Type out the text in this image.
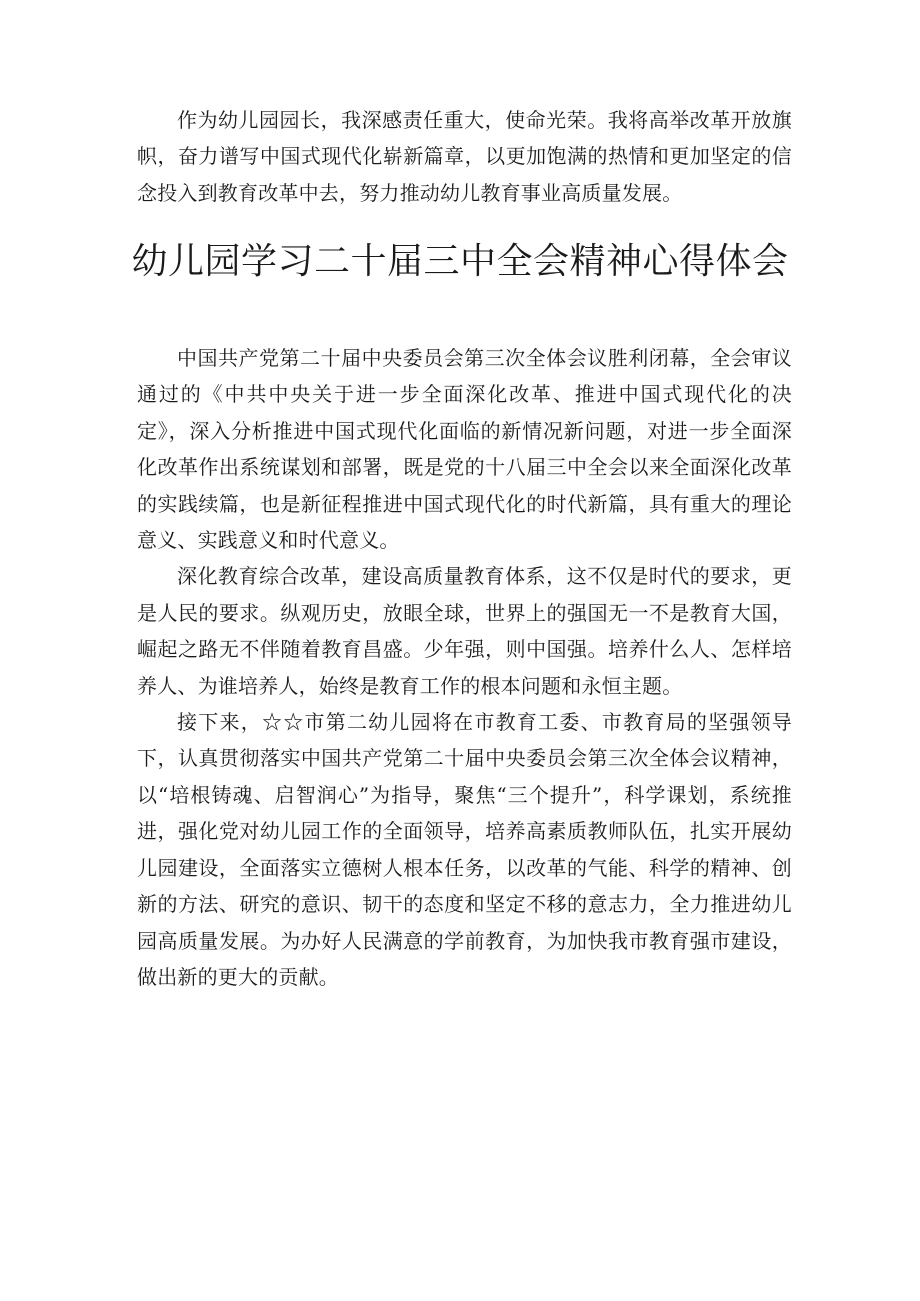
作为幼儿园园长，我深感责任重大，使命光荣。我将高举改革开放旗帜，奋力谱写中国式现代化崭新篇章，以更加饱满的热情和更加坚定的信念投入到教育改革中去，努力推动幼儿教育事业高质量发展。

幼儿园学习二十届三中全会精神心得体会

中国共产党第二十届中央委员会第三次全体会议胜利闭幕，全会审议通过的《中共中央关于进一步全面深化改革、推进中国式现代化的决定》，深入分析推进中国式现代化面临的新情况新问题，对进一步全面深化改革作出系统谋划和部署，既是党的十八届三中全会以来全面深化改革的实践续篇，也是新征程推进中国式现代化的时代新篇，具有重大的理论意义、实践意义和时代意义。

深化教育综合改革，建设高质量教育体系，这不仅是时代的要求，更是人民的要求。纵观历史，放眼全球，世界上的强国无一不是教育大国，崛起之路无不伴随着教育昌盛。少年强，则中国强。培养什么人、怎样培养人、为谁培养人，始终是教育工作的根本问题和永恒主题。

接下来，☆☆市第二幼儿园将在市教育工委、市教育局的坚强领导下，认真贯彻落实中国共产党第二十届中央委员会第三次全体会议精神，以“培根铸魂、启智润心”为指导，聚焦“三个提升”，科学课划，系统推进，强化党对幼儿园工作的全面领导，培养高素质教师队伍，扎实开展幼儿园建设，全面落实立德树人根本任务，以改革的气能、科学的精神、创新的方法、研究的意识、韧干的态度和坚定不移的意志力，全力推进幼儿园高质量发展。为办好人民满意的学前教育，为加快我市教育强市建设，做出新的更大的贡献。
